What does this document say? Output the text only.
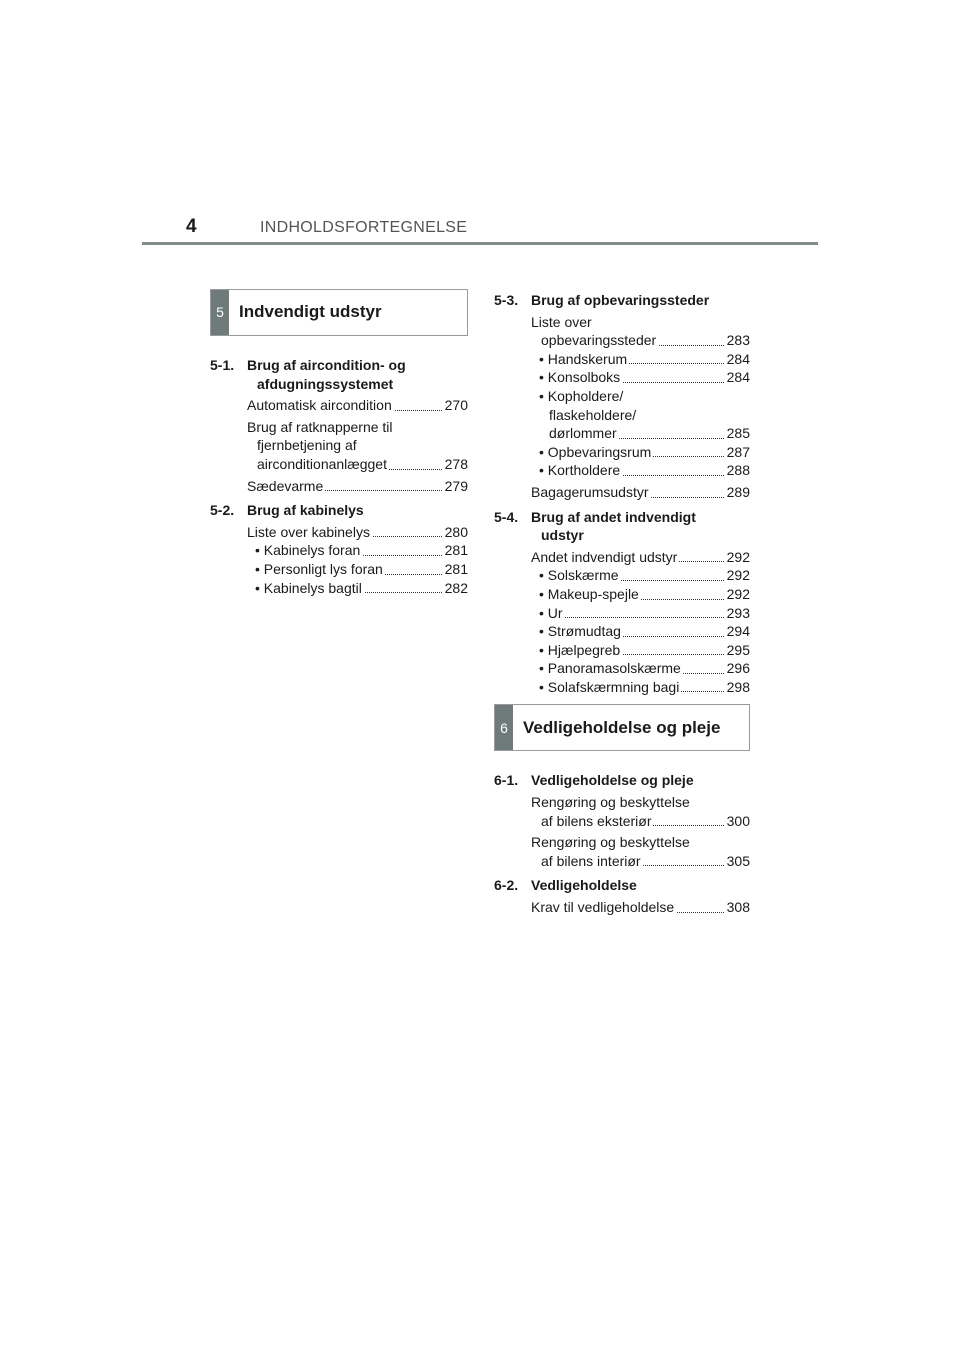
4	INDHOLDSFORTEGNELSE
5 Indvendigt udstyr
5-1. Brug af aircondition- og
afdugningssystemet
Automatisk aircondition	270
Brug af ratknapperne til
fjernbetjening af
airconditionanlægget	278
Sædevarme	279
5-2. Brug af kabinelys
Liste over kabinelys	280
• Kabinelys foran	281
• Personligt lys foran	281
• Kabinelys bagtil	282
5-3. Brug af opbevaringssteder
Liste over
opbevaringssteder	283
• Handskerum	284
• Konsolboks	284
• Kopholdere/
flaskeholdere/
dørlommer	285
• Opbevaringsrum	287
• Kortholdere	288
Bagagerumsudstyr	289
5-4. Brug af andet indvendigt
udstyr
Andet indvendigt udstyr	292
• Solskærme	292
• Makeup-spejle	292
• Ur	293
• Strømudtag	294
• Hjælpegreb	295
• Panoramasolskærme	296
• Solafskærmning bagi	298
6 Vedligeholdelse og pleje
6-1. Vedligeholdelse og pleje
Rengøring og beskyttelse
af bilens eksteriør	300
Rengøring og beskyttelse
af bilens interiør	305
6-2. Vedligeholdelse
Krav til vedligeholdelse	308
